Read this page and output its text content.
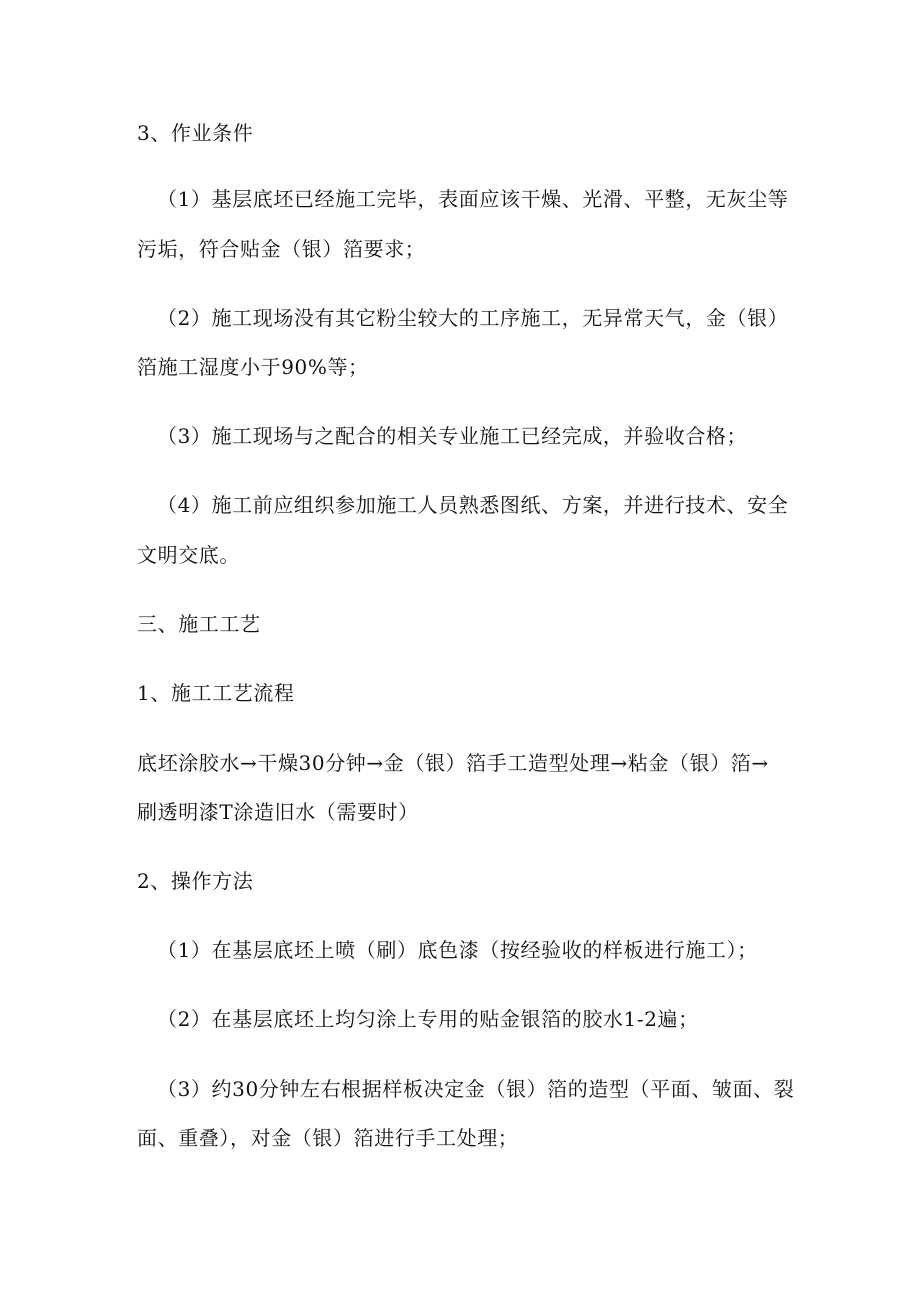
3、作业条件
（1）基层底坯已经施工完毕，表面应该干燥、光滑、平整，无灰尘等
污垢，符合贴金（银）箔要求；
（2）施工现场没有其它粉尘较大的工序施工，无异常天气，金（银）
箔施工湿度小于90%等；
（3）施工现场与之配合的相关专业施工已经完成，并验收合格；
（4）施工前应组织参加施工人员熟悉图纸、方案，并进行技术、安全
文明交底。
三、施工工艺
1、施工工艺流程
底坯涂胶水→干燥30分钟→金（银）箔手工造型处理→粘金（银）箔→
刷透明漆T涂造旧水（需要时）
2、操作方法
（1）在基层底坯上喷（刷）底色漆（按经验收的样板进行施工）；
（2）在基层底坯上均匀涂上专用的贴金银箔的胶水1-2遍；
（3）约30分钟左右根据样板决定金（银）箔的造型（平面、皱面、裂
面、重叠），对金（银）箔进行手工处理；
